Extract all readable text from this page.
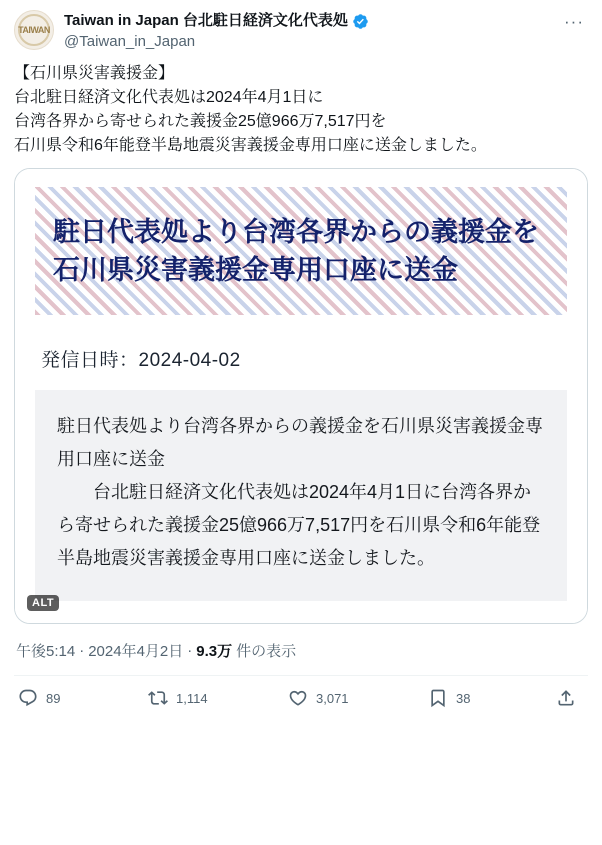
TAIWAN
Taiwan in Japan 台北駐日経済文化代表処
@Taiwan_in_Japan
···
【石川県災害義援金】
台北駐日経済文化代表処は2024年4月1日に
台湾各界から寄せられた義援金25億966万7,517円を
石川県令和6年能登半島地震災害義援金専用口座に送金しました。
駐日代表処より台湾各界からの義援金を石川県災害義援金専用口座に送金
発信日時：2024-04-02

駐日代表処より台湾各界からの義援金を石川県災害義援金専用口座に送金

台北駐日経済文化代表処は2024年4月1日に台湾各界から寄せられた義援金25億966万7,517円を石川県令和6年能登半島地震災害義援金専用口座に送金しました。

ALT
午後5:14 · 2024年4月2日 · 9.3万 件の表示
89	1,114	3,071	38
